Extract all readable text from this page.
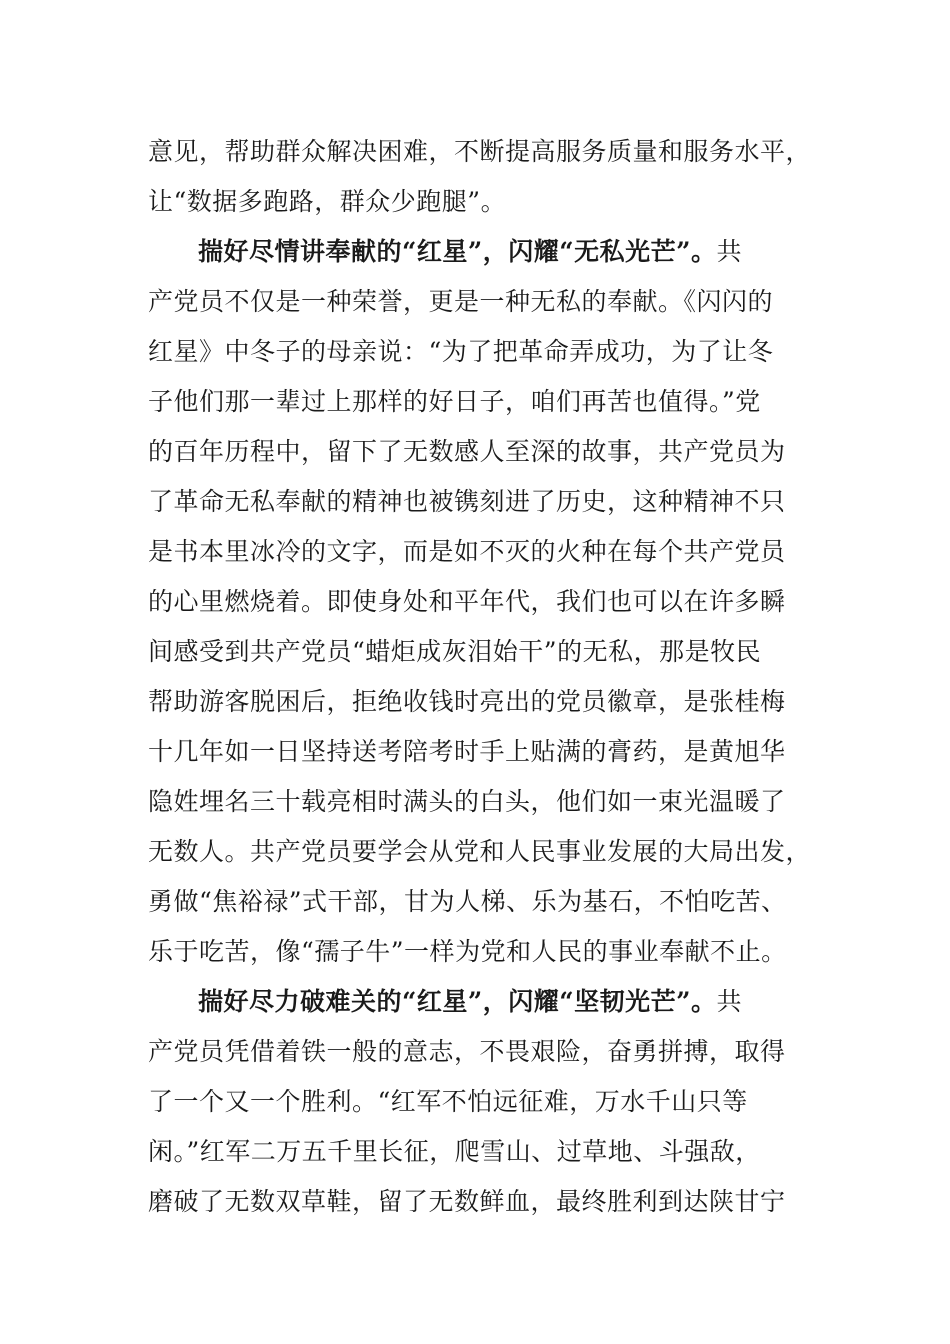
意见，帮助群众解决困难，不断提高服务质量和服务水平，
让“数据多跑路，群众少跑腿”。
揣好尽情讲奉献的“红星”，闪耀“无私光芒”。共
产党员不仅是一种荣誉，更是一种无私的奉献。《闪闪的
红星》中冬子的母亲说：“为了把革命弄成功，为了让冬
子他们那一辈过上那样的好日子，咱们再苦也值得。”党
的百年历程中，留下了无数感人至深的故事，共产党员为
了革命无私奉献的精神也被镌刻进了历史，这种精神不只
是书本里冰冷的文字，而是如不灭的火种在每个共产党员
的心里燃烧着。即使身处和平年代，我们也可以在许多瞬
间感受到共产党员“蜡炬成灰泪始干”的无私，那是牧民
帮助游客脱困后，拒绝收钱时亮出的党员徽章，是张桂梅
十几年如一日坚持送考陪考时手上贴满的膏药，是黄旭华
隐姓埋名三十载亮相时满头的白头，他们如一束光温暖了
无数人。共产党员要学会从党和人民事业发展的大局出发，
勇做“焦裕禄”式干部，甘为人梯、乐为基石，不怕吃苦、
乐于吃苦，像“孺子牛”一样为党和人民的事业奉献不止。
揣好尽力破难关的“红星”，闪耀“坚韧光芒”。共
产党员凭借着铁一般的意志，不畏艰险，奋勇拼搏，取得
了一个又一个胜利。“红军不怕远征难，万水千山只等
闲。”红军二万五千里长征，爬雪山、过草地、斗强敌，
磨破了无数双草鞋，留了无数鲜血，最终胜利到达陕甘宁
